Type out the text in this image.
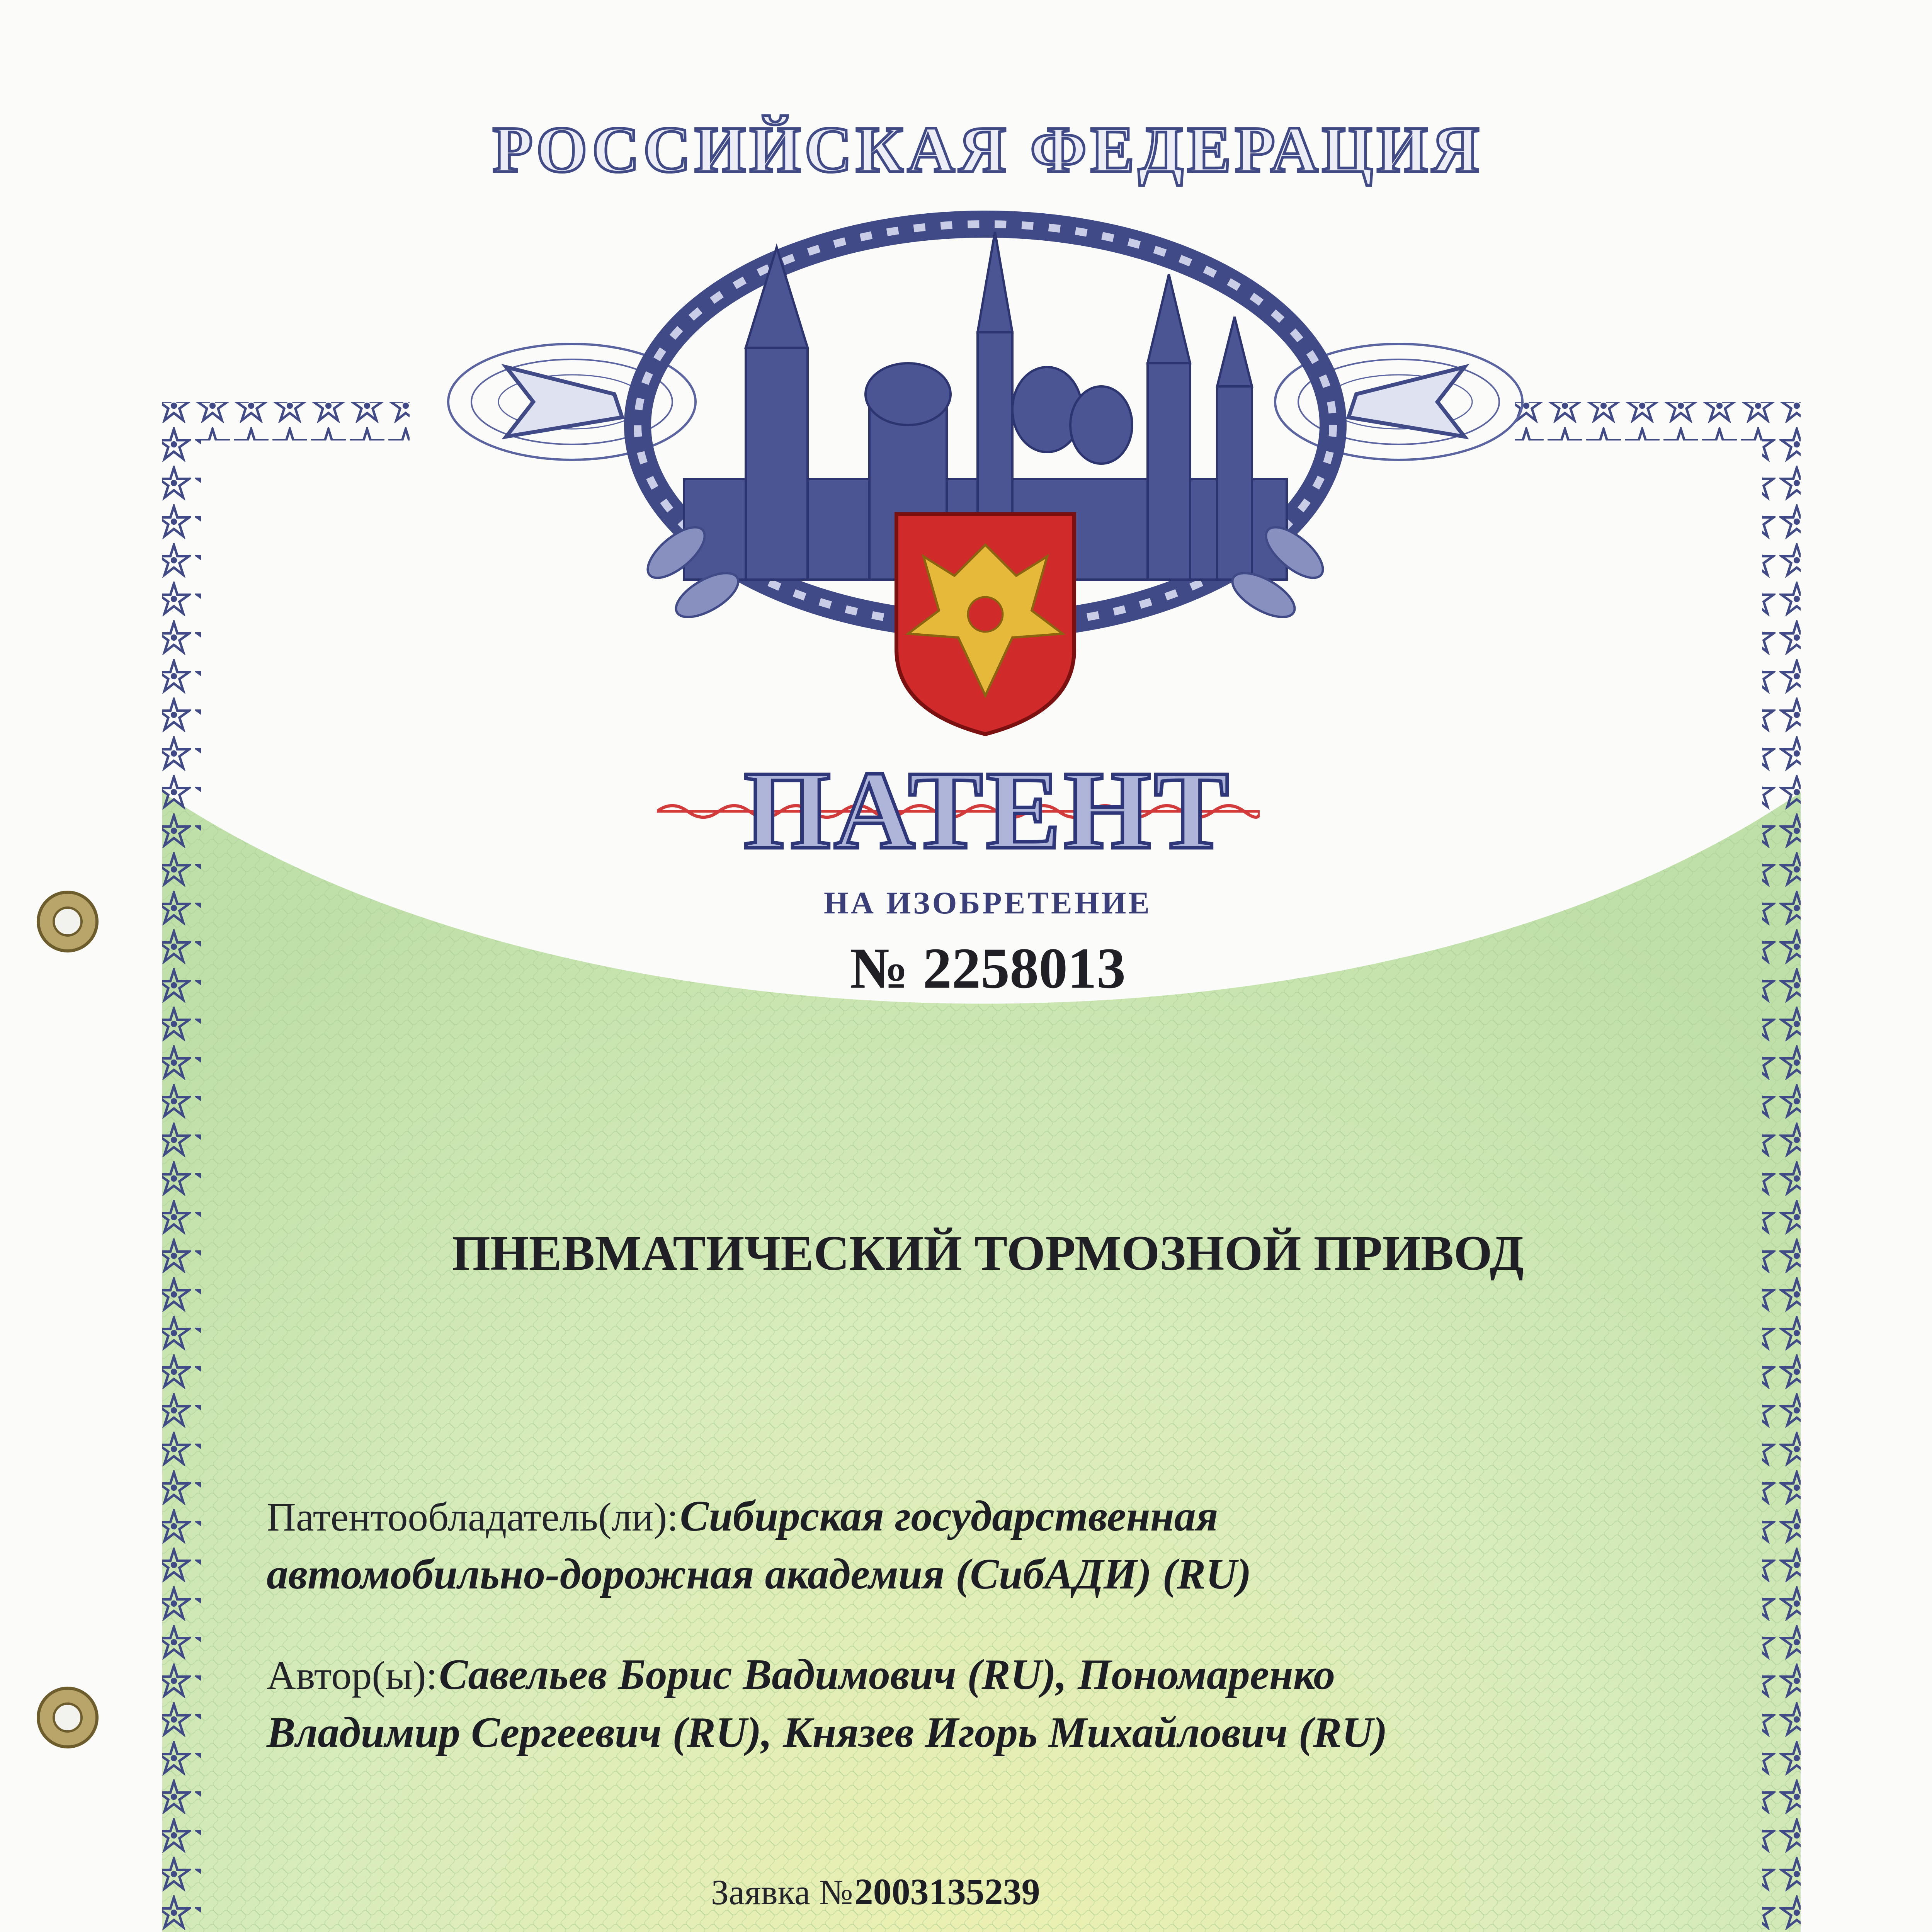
РОССИЙСКАЯ ФЕДЕРАЦИЯ
ПАТЕНТ
НА ИЗОБРЕТЕНИЕ
№ 2258013
ПНЕВМАТИЧЕСКИЙ ТОРМОЗНОЙ ПРИВОД
Патентообладатель(ли): Сибирская государственная
автомобильно-дорожная академия (СибАДИ) (RU)
Автор(ы): Савельев Борис Вадимович (RU), Пономаренко
Владимир Сергеевич (RU), Князев Игорь Михайлович (RU)
Заявка № 2003135239
